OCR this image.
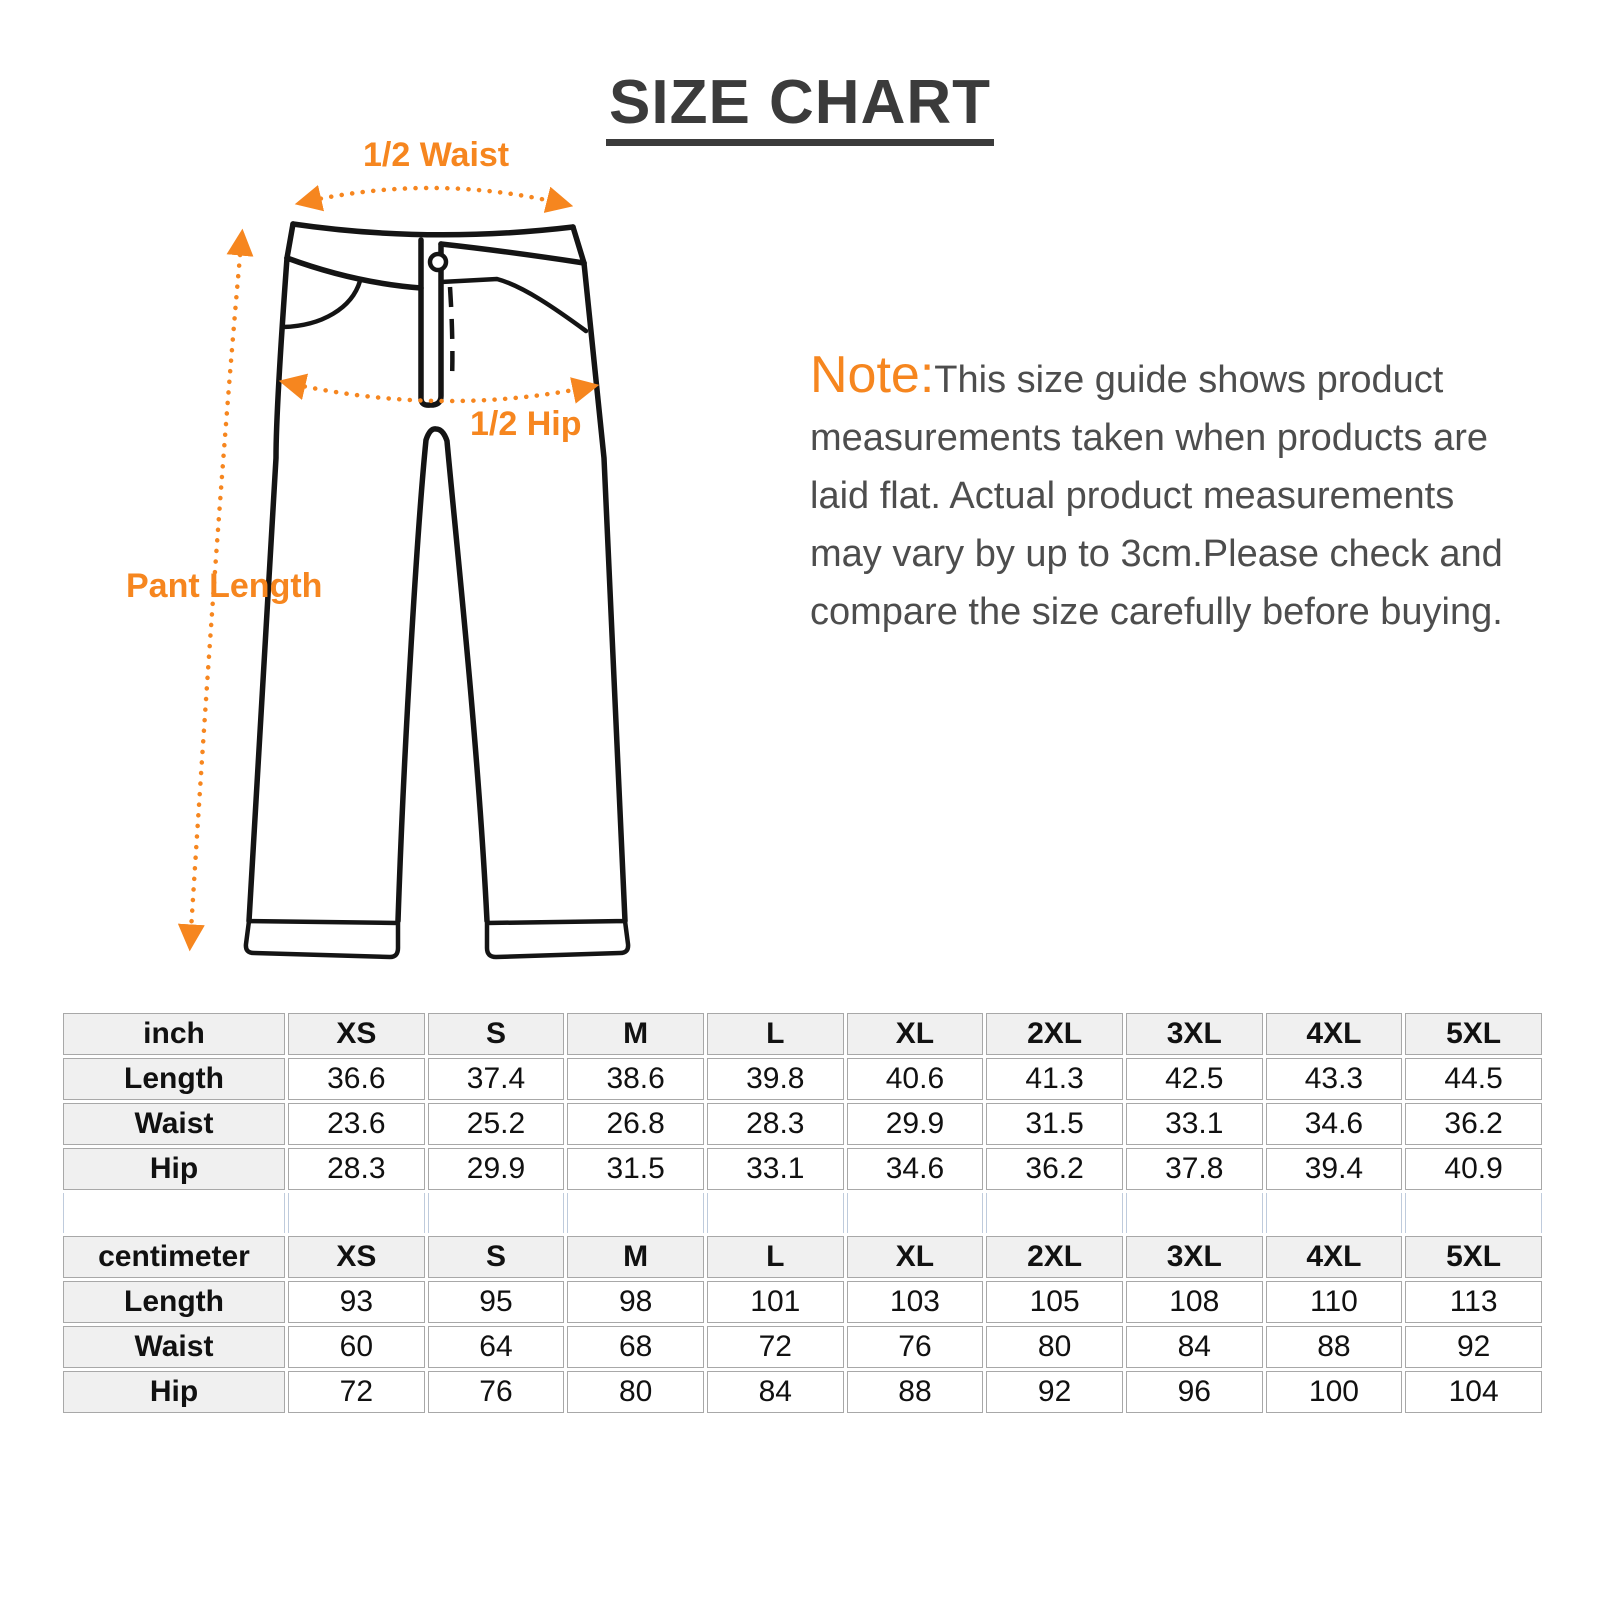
SIZE CHART
1/2 Waist
1/2 Hip
Pant Length
Note:This size guide shows product
measurements taken when products are
laid flat. Actual product measurements
may vary by up to 3cm.Please check and
compare the size carefully before buying.
inch	XS	S	M	L	XL	2XL	3XL	4XL	5XL
Length	36.6	37.4	38.6	39.8	40.6	41.3	42.5	43.3	44.5
Waist	23.6	25.2	26.8	28.3	29.9	31.5	33.1	34.6	36.2
Hip	28.3	29.9	31.5	33.1	34.6	36.2	37.8	39.4	40.9

centimeter	XS	S	M	L	XL	2XL	3XL	4XL	5XL
Length	93	95	98	101	103	105	108	110	113
Waist	60	64	68	72	76	80	84	88	92
Hip	72	76	80	84	88	92	96	100	104
